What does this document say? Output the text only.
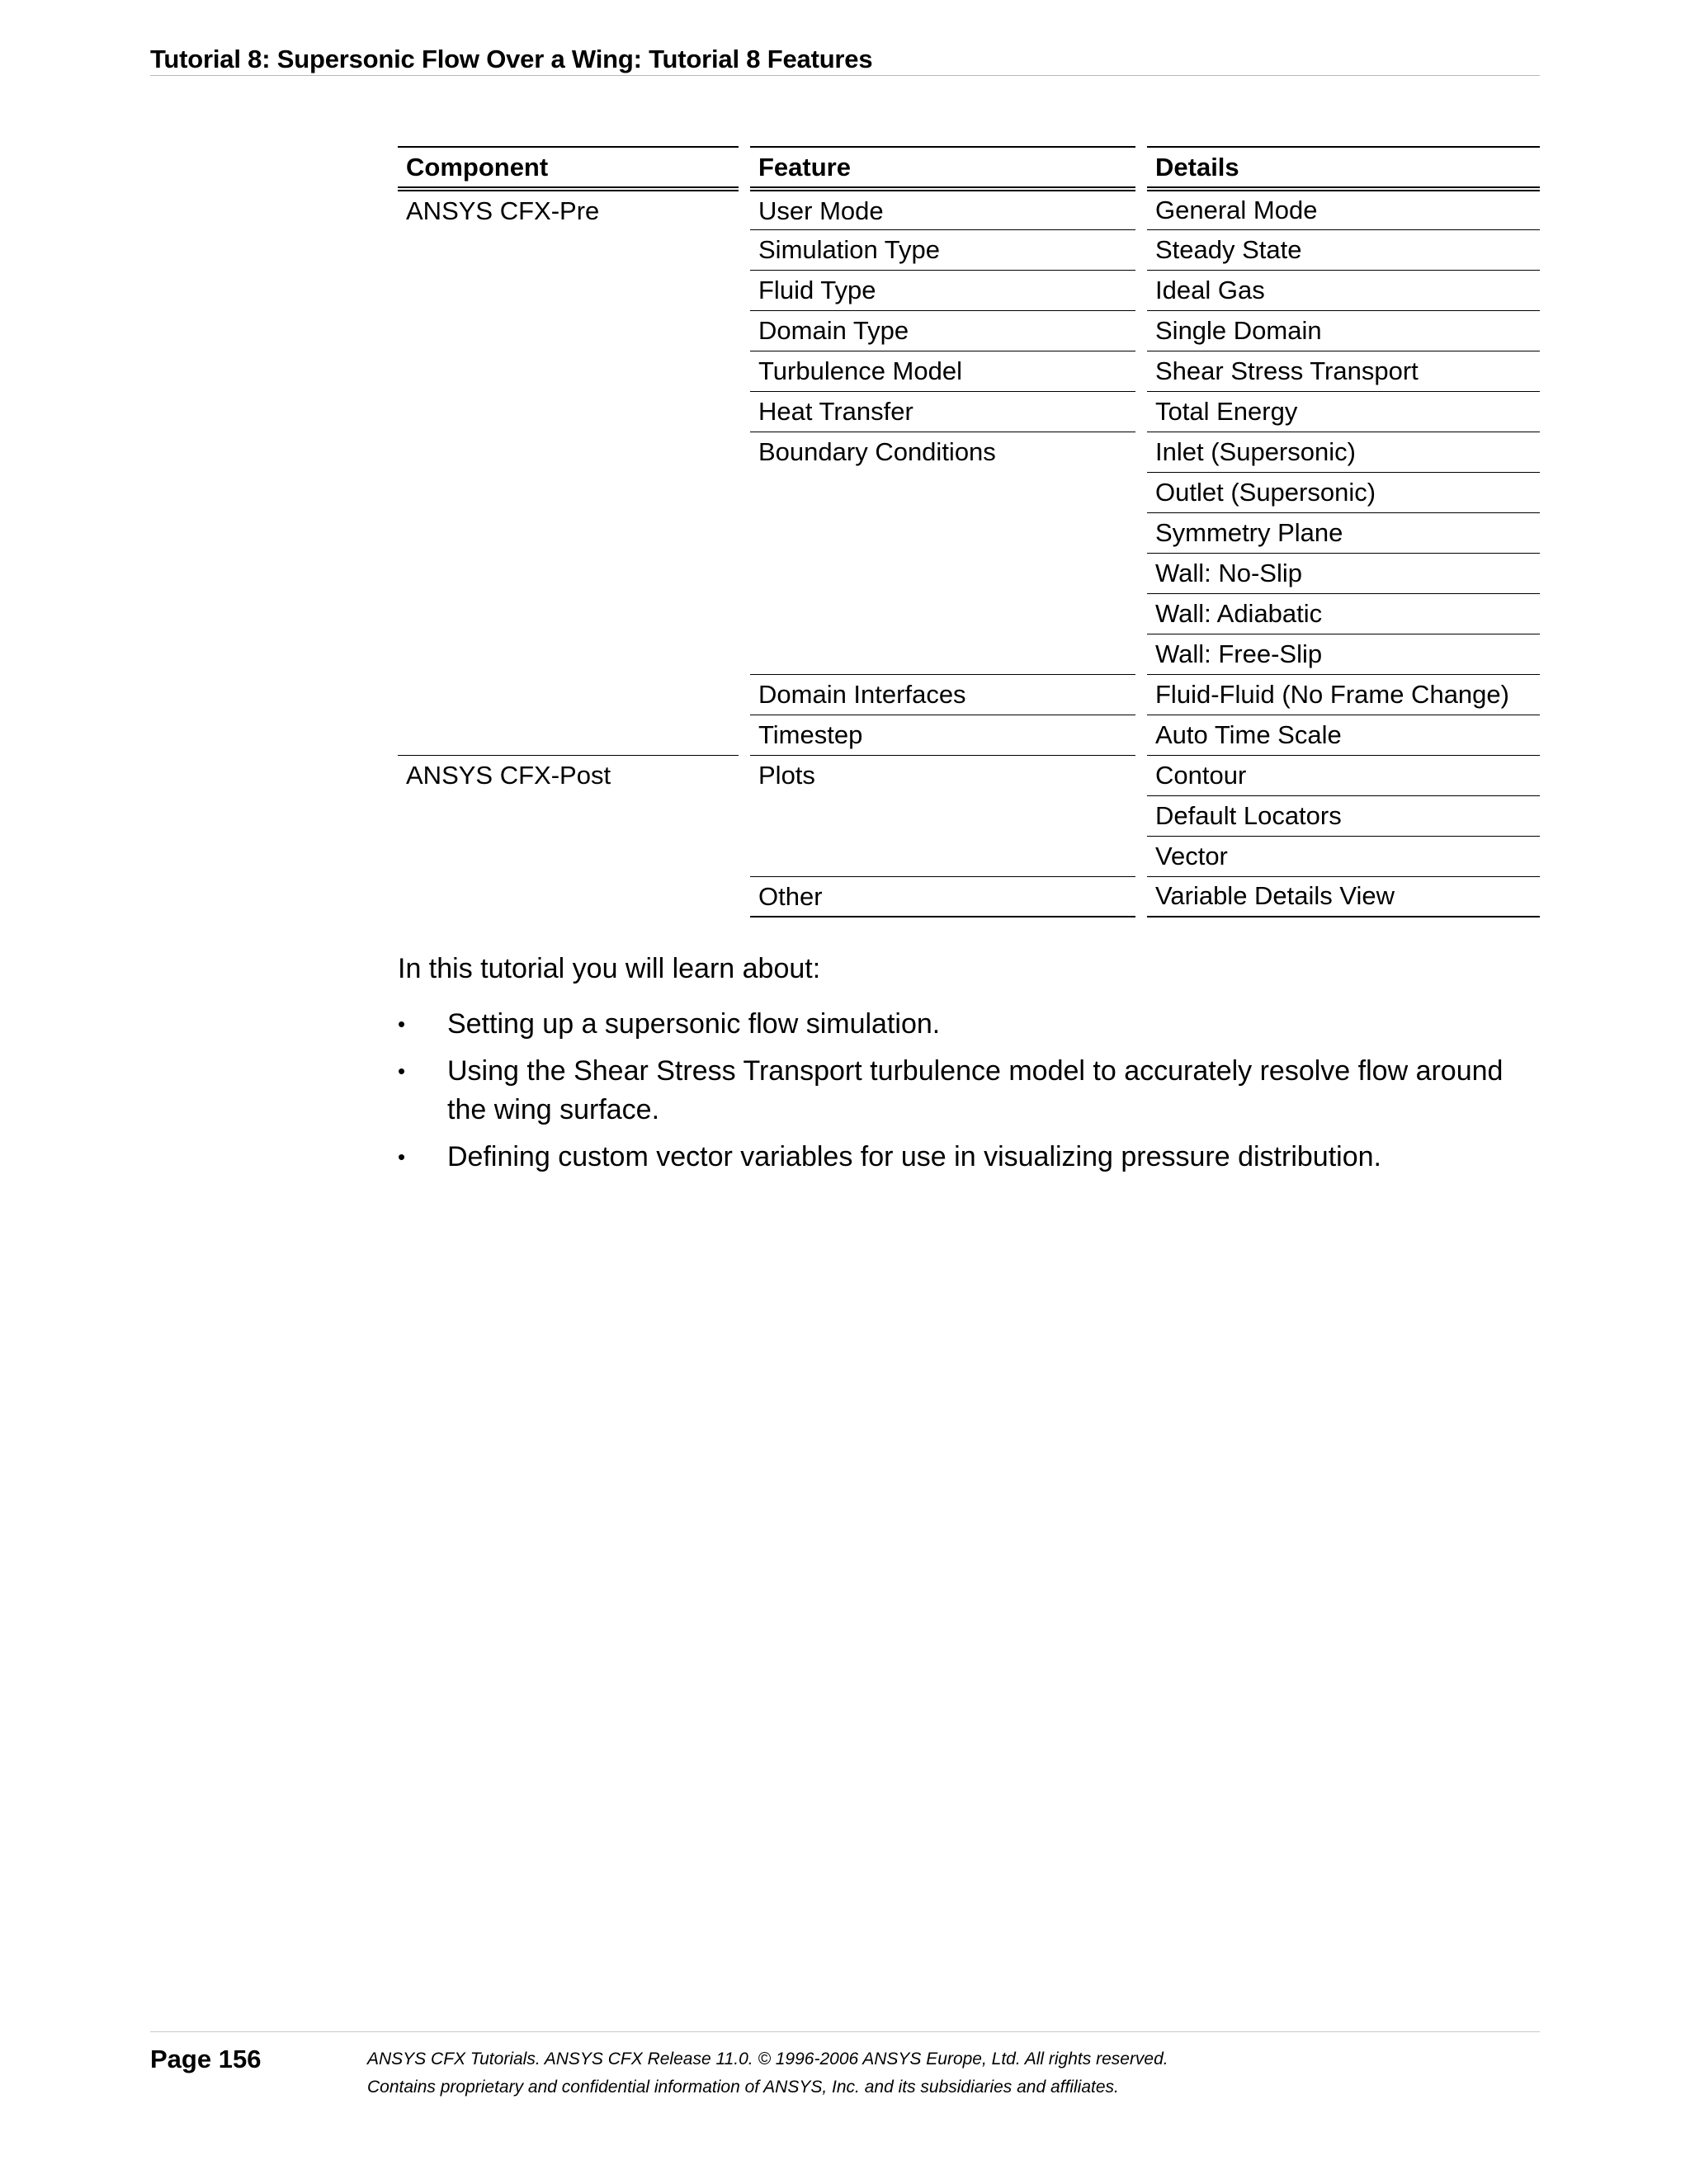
Tutorial 8: Supersonic Flow Over a Wing: Tutorial 8 Features
Component	Feature	Details
ANSYS CFX-Pre	User Mode	General Mode
	Simulation Type	Steady State
	Fluid Type	Ideal Gas
	Domain Type	Single Domain
	Turbulence Model	Shear Stress Transport
	Heat Transfer	Total Energy
	Boundary Conditions	Inlet (Supersonic)
		Outlet (Supersonic)
		Symmetry Plane
		Wall: No-Slip
		Wall: Adiabatic
		Wall: Free-Slip
	Domain Interfaces	Fluid-Fluid (No Frame Change)
	Timestep	Auto Time Scale
ANSYS CFX-Post	Plots	Contour
		Default Locators
		Vector
	Other	Variable Details View
In this tutorial you will learn about:
• Setting up a supersonic flow simulation.
• Using the Shear Stress Transport turbulence model to accurately resolve flow around the wing surface.
• Defining custom vector variables for use in visualizing pressure distribution.
Page 156	ANSYS CFX Tutorials. ANSYS CFX Release 11.0. © 1996-2006 ANSYS Europe, Ltd. All rights reserved.
Contains proprietary and confidential information of ANSYS, Inc. and its subsidiaries and affiliates.
